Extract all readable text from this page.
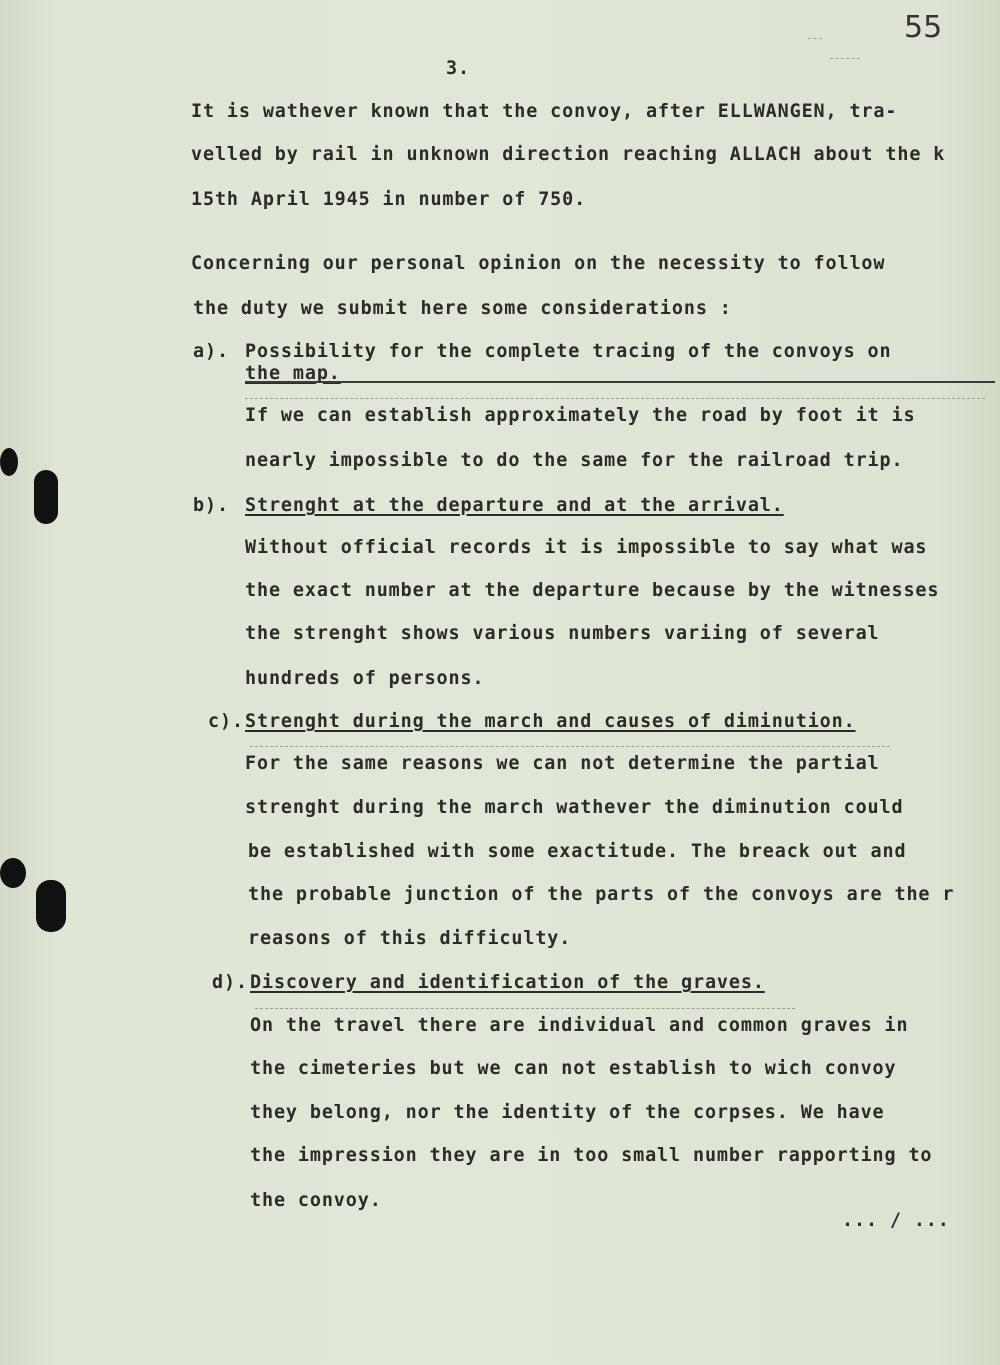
55
3.
It is wathever known that the convoy, after ELLWANGEN, tra-
velled by rail in unknown direction reaching ALLACH about the k
15th April 1945 in number of 750.
Concerning our personal opinion on the necessity to follow
the duty we submit here some considerations :
a). Possibility for the complete tracing of the convoys on
the map.
If we can establish approximately the road by foot it is
nearly impossible to do the same for the railroad trip.
b). Strenght at the departure and at the arrival.
Without official records it is impossible to say what was
the exact number at the departure because by the witnesses
the strenght shows various numbers variing of several
hundreds of persons.
c). Strenght during the march and causes of diminution.
For the same reasons we can not determine the partial
strenght during the march wathever the diminution could
be established with some exactitude. The breack out and
the probable junction of the parts of the convoys are the r
reasons of this difficulty.
d). Discovery and identification of the graves.
On the travel there are individual and common graves in
the cimeteries but we can not establish to wich convoy
they belong, nor the identity of the corpses. We have
the impression they are in too small number rapporting to
the convoy.
... / ...
